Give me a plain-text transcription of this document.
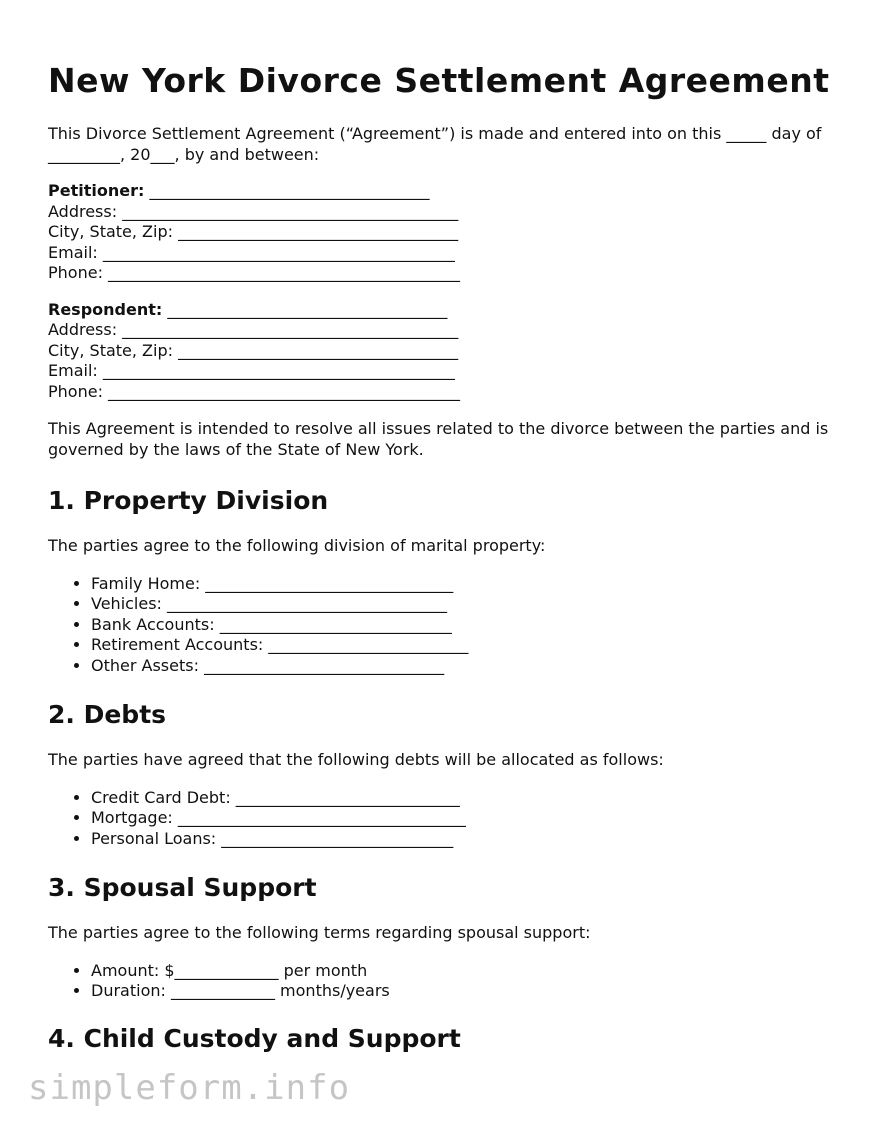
New York Divorce Settlement Agreement

This Divorce Settlement Agreement (“Agreement”) is made and entered into on this _____ day of _________, 20___, by and between:

Petitioner: ___________________________________
Address: __________________________________________
City, State, Zip: ___________________________________
Email: ____________________________________________
Phone: ____________________________________________
Respondent: ___________________________________
Address: __________________________________________
City, State, Zip: ___________________________________
Email: ____________________________________________
Phone: ____________________________________________

This Agreement is intended to resolve all issues related to the divorce between the parties and is governed by the laws of the State of New York.

1. Property Division

The parties agree to the following division of marital property:

• Family Home: _______________________________
• Vehicles: ___________________________________
• Bank Accounts: _____________________________
• Retirement Accounts: _________________________
• Other Assets: ______________________________
2. Debts

The parties have agreed that the following debts will be allocated as follows:

• Credit Card Debt: ____________________________
• Mortgage: ____________________________________
• Personal Loans: _____________________________
3. Spousal Support

The parties agree to the following terms regarding spousal support:

• Amount: $_____________ per month
• Duration: _____________ months/years
4. Child Custody and Support
simpleform.info
